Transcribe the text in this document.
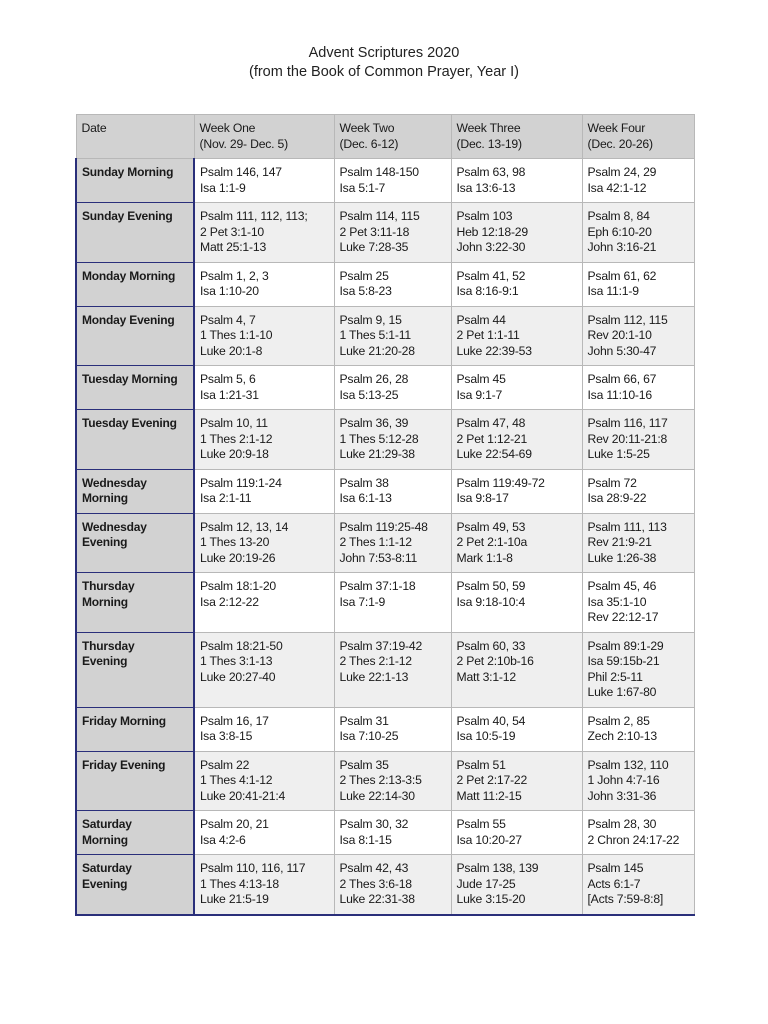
Advent Scriptures 2020
(from the Book of Common Prayer, Year I)
Date	Week One
(Nov. 29- Dec. 5)	Week Two
(Dec. 6-12)	Week Three
(Dec. 13-19)	Week Four
(Dec. 20-26)

Sunday Morning	Psalm 146, 147
Isa 1:1-9	Psalm 148-150
Isa 5:1-7	Psalm 63, 98
Isa 13:6-13	Psalm 24, 29
Isa 42:1-12

Sunday Evening	Psalm 111, 112, 113;
2 Pet 3:1-10
Matt 25:1-13	Psalm 114, 115
2 Pet 3:11-18
Luke 7:28-35	Psalm 103
Heb 12:18-29
John 3:22-30	Psalm 8, 84
Eph 6:10-20
John 3:16-21

Monday Morning	Psalm 1, 2, 3
Isa 1:10-20	Psalm 25
Isa 5:8-23	Psalm 41, 52
Isa 8:16-9:1	Psalm 61, 62
Isa 11:1-9

Monday Evening	Psalm 4, 7
1 Thes 1:1-10
Luke 20:1-8	Psalm 9, 15
1 Thes 5:1-11
Luke 21:20-28	Psalm 44
2 Pet 1:1-11
Luke 22:39-53	Psalm 112, 115
Rev 20:1-10
John 5:30-47

Tuesday Morning	Psalm 5, 6
Isa 1:21-31	Psalm 26, 28
Isa 5:13-25	Psalm 45
Isa 9:1-7	Psalm 66, 67
Isa 11:10-16

Tuesday Evening	Psalm 10, 11
1 Thes 2:1-12
Luke 20:9-18	Psalm 36, 39
1 Thes 5:12-28
Luke 21:29-38	Psalm 47, 48
2 Pet 1:12-21
Luke 22:54-69	Psalm 116, 117
Rev 20:11-21:8
Luke 1:5-25

Wednesday
Morning	Psalm 119:1-24
Isa 2:1-11	Psalm 38
Isa 6:1-13	Psalm 119:49-72
Isa 9:8-17	Psalm 72
Isa 28:9-22

Wednesday
Evening	Psalm 12, 13, 14
1 Thes 13-20
Luke 20:19-26	Psalm 119:25-48
2 Thes 1:1-12
John 7:53-8:11	Psalm 49, 53
2 Pet 2:1-10a
Mark 1:1-8	Psalm 111, 113
Rev 21:9-21
Luke 1:26-38

Thursday
Morning	Psalm 18:1-20
Isa 2:12-22	Psalm 37:1-18
Isa 7:1-9	Psalm 50, 59
Isa 9:18-10:4	Psalm 45, 46
Isa 35:1-10
Rev 22:12-17

Thursday
Evening	Psalm 18:21-50
1 Thes 3:1-13
Luke 20:27-40	Psalm 37:19-42
2 Thes 2:1-12
Luke 22:1-13	Psalm 60, 33
2 Pet 2:10b-16
Matt 3:1-12	Psalm 89:1-29
Isa 59:15b-21
Phil 2:5-11
Luke 1:67-80

Friday Morning	Psalm 16, 17
Isa 3:8-15	Psalm 31
Isa 7:10-25	Psalm 40, 54
Isa 10:5-19	Psalm 2, 85
Zech 2:10-13

Friday Evening	Psalm 22
1 Thes 4:1-12
Luke 20:41-21:4	Psalm 35
2 Thes 2:13-3:5
Luke 22:14-30	Psalm 51
2 Pet 2:17-22
Matt 11:2-15	Psalm 132, 110
1 John 4:7-16
John 3:31-36

Saturday
Morning	Psalm 20, 21
Isa 4:2-6	Psalm 30, 32
Isa 8:1-15	Psalm 55
Isa 10:20-27	Psalm 28, 30
2 Chron 24:17-22

Saturday
Evening	Psalm 110, 116, 117
1 Thes 4:13-18
Luke 21:5-19	Psalm 42, 43
2 Thes 3:6-18
Luke 22:31-38	Psalm 138, 139
Jude 17-25
Luke 3:15-20	Psalm 145
Acts 6:1-7
[Acts 7:59-8:8]
